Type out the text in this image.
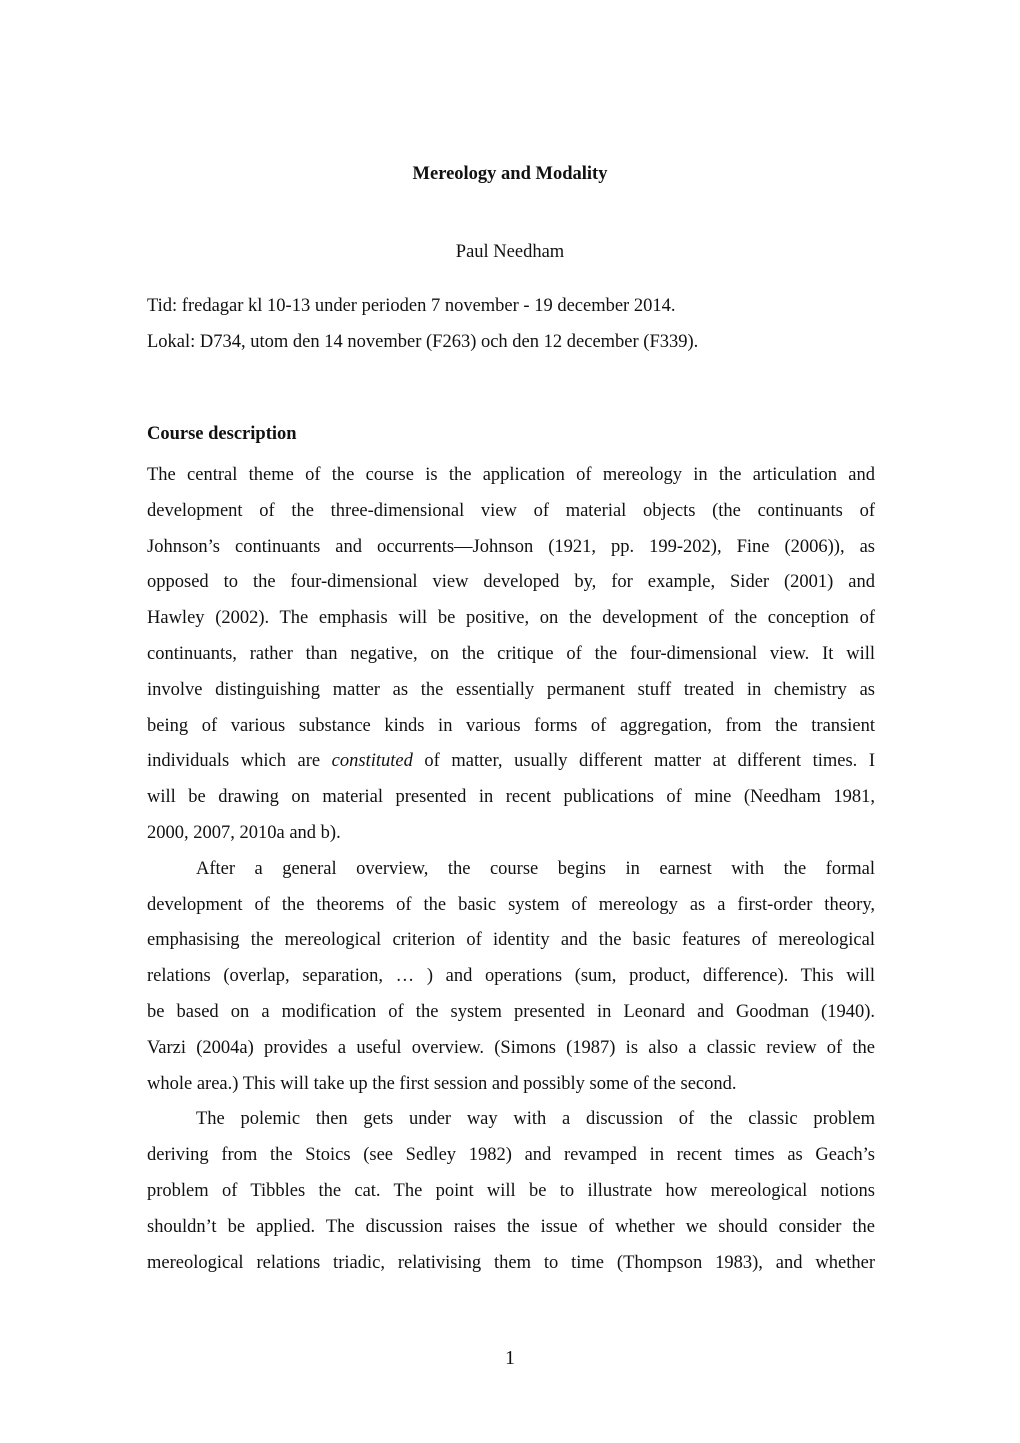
Mereology and Modality
Paul Needham
Tid: fredagar kl 10-13 under perioden 7 november - 19 december 2014.
Lokal: D734, utom den 14 november (F263) och den 12 december (F339).
Course description
The central theme of the course is the application of mereology in the articulation and
development of the three-dimensional view of material objects (the continuants of
Johnson’s continuants and occurrents—Johnson (1921, pp. 199-202), Fine (2006)), as
opposed to the four-dimensional view developed by, for example, Sider (2001) and
Hawley (2002). The emphasis will be positive, on the development of the conception of
continuants, rather than negative, on the critique of the four-dimensional view. It will
involve distinguishing matter as the essentially permanent stuff treated in chemistry as
being of various substance kinds in various forms of aggregation, from the transient
individuals which are constituted of matter, usually different matter at different times. I
will be drawing on material presented in recent publications of mine (Needham 1981,
2000, 2007, 2010a and b).
After a general overview, the course begins in earnest with the formal
development of the theorems of the basic system of mereology as a first-order theory,
emphasising the mereological criterion of identity and the basic features of mereological
relations (overlap, separation, … ) and operations (sum, product, difference). This will
be based on a modification of the system presented in Leonard and Goodman (1940).
Varzi (2004a) provides a useful overview. (Simons (1987) is also a classic review of the
whole area.) This will take up the first session and possibly some of the second.
The polemic then gets under way with a discussion of the classic problem
deriving from the Stoics (see Sedley 1982) and revamped in recent times as Geach’s
problem of Tibbles the cat. The point will be to illustrate how mereological notions
shouldn’t be applied. The discussion raises the issue of whether we should consider the
mereological relations triadic, relativising them to time (Thompson 1983), and whether
1
